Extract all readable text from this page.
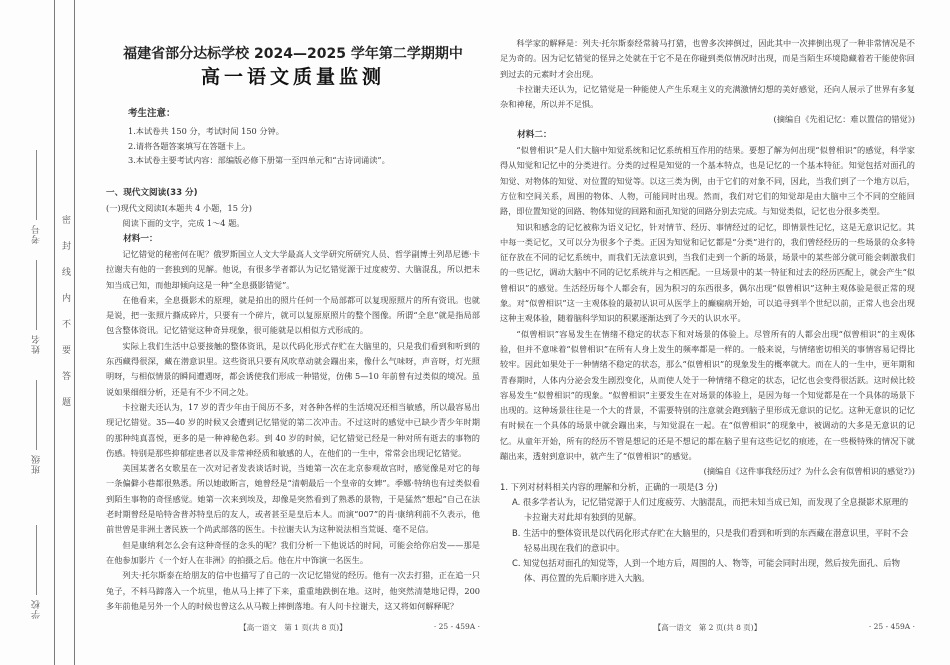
考号
姓名
班级
学校
密封线内不要答题
福建省部分达标学校 2024—2025 学年第二学期期中
高一语文质量监测
考生注意：
1.本试卷共 150 分，考试时间 150 分钟。
2.请将各题答案填写在答题卡上。
3.本试卷主要考试内容：部编版必修下册第一至四单元和“古诗词诵读”。
一、现代文阅读(33 分)
(一)现代文阅读Ⅰ(本题共 4 小题，15 分)
阅读下面的文字，完成 1～4 题。
材料一：

记忆错觉的秘密何在呢？俄罗斯国立人文大学最高人文学研究所研究人员、哲学副博士列昂尼德·卡拉谢夫有他的一套独到的见解。他说，有很多学者都认为记忆错觉源于过度疲劳、大脑混乱，所以把未知当成已知，而他却倾向这是一种“全息摄影错觉”。

在他看来，全息摄影术的原理，就是拍出的照片任何一个局部都可以复现原照片的所有资讯。也就是说，把一张照片撕成碎片，只要有一个碎片，就可以复原原照片的整个图像。所谓“全息”就是指局部包含整体资讯。记忆错觉这种奇异现象，很可能就是以相似方式形成的。

实际上我们生活中总要接触的整体资讯，是以代码化形式存贮在大脑里的，只是我们看到和听到的东西藏得很深，藏在潜意识里。这些资讯只要有风吹草动就会蹦出来，像什么气味呀，声音呀，灯光照明呀，与相似情景的瞬间遭遇呀，都会诱使我们形成一种错觉，仿佛 5—10 年前曾有过类似的境况。虽说如果细细分析，还是有不少不同之处。

卡拉谢夫还认为，17 岁的青少年由于阅历不多，对各种各样的生活境况还相当敏感，所以最容易出现记忆错觉。35—40 岁的时候又会遭到记忆错觉的第二次冲击。不过这时的感觉中已缺少青少年时期的那种纯真喜悦，更多的是一种神秘色彩。到 40 岁的时候，记忆错觉已经是一种对所有逝去的事物的伤感。特别是那些抑郁症患者以及非常神经质和敏感的人，在他们的一生中，常常会出现记忆错觉。

美国某著名女歌星在一次对记者发表谈话时说，当她第一次在北京参观故宫时，感觉像是对它的每一条偏僻小巷都很熟悉。所以她敢断言，她曾经是“清朝最后一个皇帝的女婢”。季娜·特纳也有过类似看到陌生事物的奇怪感觉。她第一次来到埃及，却像是突然看到了熟悉的景物，于是猛然“想起”自己在法老时期曾经是哈特舍普苏特皇后的友人，或者甚至是皇后本人。而演“007”的肖·康纳利前不久表示，他前世曾是非洲土著民族一个尚武部落的医生。卡拉谢夫认为这种说法相当荒诞、毫不足信。

但是康纳利怎么会有这种奇怪的念头的呢？我们分析一下他说话的时间，可能会给你启发——那是在他参加影片《一个好人在非洲》的拍摄之后。他在片中饰演一名医生。

列夫·托尔斯泰在给朋友的信中也描写了自己的一次记忆错觉的经历。他有一次去打猎，正在追一只兔子，不料马蹄落入一个坑里，他从马上摔了下来，重重地跌倒在地。这时，他突然清楚地记得，200 多年前他是另外一个人的时候也曾这么从马鞍上摔倒落地。有人问卡拉谢夫，这又将如何解释呢？

【高一语文　第 1 页(共 8 页)】	· 25 - 459A ·

科学家的解释是：列夫·托尔斯泰经常骑马打猎，也曾多次摔倒过，因此其中一次摔倒出现了一种非常情况是不足为奇的。因为记忆错觉的怪异之处就在于它不是在你碰到类似情况时出现，而是当陌生环境隐藏着若干能使你回到过去的元素时才会出现。

卡拉谢夫还认为，记忆错觉是一种能使人产生乐观主义的充满激情幻想的美好感觉，还向人展示了世界有多复杂和神秘，所以并不足惧。

(摘编自《先祖记忆：难以置信的错觉》)

材料二：

“似曾相识”是人们大脑中知觉系统和记忆系统相互作用的结果。要想了解为何出现“似曾相识”的感觉，科学家得从知觉和记忆中的分类进行。分类的过程是知觉的一个基本特点，也是记忆的一个基本特征。知觉包括对面孔的知觉、对物体的知觉、对位置的知觉等。以这三类为例，由于它们的对象不同，因此，当我们到了一个地方以后，方位和空间关系，周围的物体、人物，可能同时出现。然而，我们对它们的知觉却是由大脑中三个不同的空能回路，即位置知觉的回路、物体知觉的回路和面孔知觉的回路分别去完成。与知觉类似，记忆也分很多类型。

知识和感念的记忆被称为语义记忆，针对情节、经历、事情经过的记忆，即情景性记忆，这是无意识记忆。其中每一类记忆，又可以分为很多个子类。正因为知觉和记忆都是“分类”进行的，我们曾经经历的一些场景的众多特征存放在不同的记忆系统中，而我们无法意识到，当我们走到一个新的场景，场景中的某些部分就可能会刺激我们的一些记忆，调动大脑中不同的记忆系统并与之相匹配。一旦场景中的某一特征和过去的经历匹配上，就会产生“似曾相识”的感觉。生活经历每个人都会有，因为积习的东西很多，偶尔出现“似曾相识”这种主观体验是很正常的现象。对“似曾相识”这一主观体验的最初认识可从医学上的癫痫病开始，可以追寻到半个世纪以前，正常人也会出现这种主观体验，随着脑科学知识的积累逐渐达到了今天的认识水平。

“似曾相识”容易发生在情绪不稳定的状态下和对场景的体验上。尽管所有的人都会出现“似曾相识”的主观体验，但并不意味着“似曾相识”在所有人身上发生的频率都是一样的。一般来说，与情绪密切相关的事情容易记得比较牢。因此如果处于一种情绪不稳定的状态，那么“似曾相识”的现象发生的概率就大。而在人的一生中，更年期和青春期时，人体内分泌会发生剧烈变化，从而使人处于一种情绪不稳定的状态，记忆也会变得很活跃。这时候比较容易发生“似曾相识”的现象。“似曾相识”主要发生在对场景的体验上，是因为每一个知觉都是在一个具体的场景下出现的。这种场景往往是一个大的背景，不需要特别的注意就会跑到脑子里形成无意识的记忆。这种无意识的记忆有时候在一个具体的场景中就会蹦出来，与知觉混在一起。在“似曾相识”的现象中，被调动的大多是无意识的记忆。从童年开始，所有的经历不管是想记的还是不想记的都在脑子里有这些记忆的痕迹，在一些极特殊的情况下就蹦出来，透射到意识中，就产生了“似曾相识”的感觉。

(摘编自《这件事我经历过？为什么会有似曾相识的感觉?》)

1. 下列对材料相关内容的理解和分析，正确的一项是(3 分)

A. 很多学者认为，记忆错觉源于人们过度疲劳、大脑混乱，而把未知当成已知，而发现了全息摄影术原理的卡拉谢夫对此却有独到的见解。

B. 生活中的整体资讯是以代码化形式存贮在大脑里的，只是我们看到和听到的东西藏在潜意识里，平时不会轻易出现在我们的意识中。

C. 知觉包括对面孔的知觉等，人到一个地方后，周围的人、物等，可能会同时出现，然后按先面孔、后物体、再位置的先后顺序进入大脑。

【高一语文　第 2 页(共 8 页)】	· 25 - 459A ·
